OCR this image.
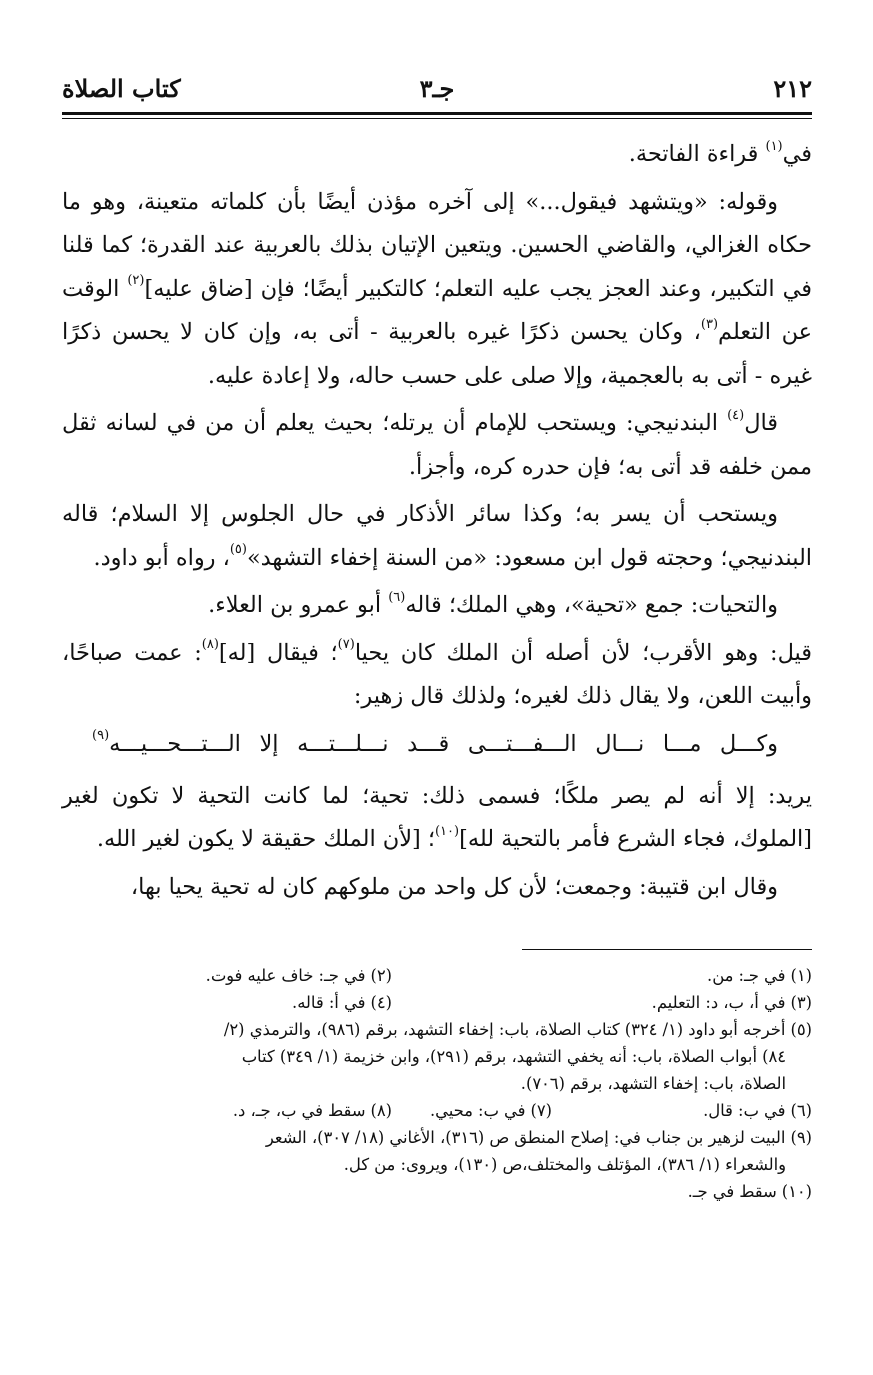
٢١٢
جـ٣
كتاب الصلاة

في$^{(١)}$ قراءة الفاتحة.

وقوله: «ويتشهد فيقول...» إلى آخره مؤذن أيضًا بأن كلماته متعينة، وهو ما حكاه الغزالي، والقاضي الحسين. ويتعين الإتيان بذلك بالعربية عند القدرة؛ كما قلنا في التكبير، وعند العجز يجب عليه التعلم؛ كالتكبير أيضًا؛ فإن [ضاق عليه]$^{(٢)}$ الوقت عن التعلم$^{(٣)}$، وكان يحسن ذكرًا غيره بالعربية - أتى به، وإن كان لا يحسن ذكرًا غيره - أتى به بالعجمية، وإلا صلى على حسب حاله، ولا إعادة عليه.

قال$^{(٤)}$ البندنيجي: ويستحب للإمام أن يرتله؛ بحيث يعلم أن من في لسانه ثقل ممن خلفه قد أتى به؛ فإن حدره كره، وأجزأ.

ويستحب أن يسر به؛ وكذا سائر الأذكار في حال الجلوس إلا السلام؛ قاله البندنيجي؛ وحجته قول ابن مسعود: «من السنة إخفاء التشهد»$^{(٥)}$، رواه أبو داود.

والتحيات: جمع «تحية»، وهي الملك؛ قاله$^{(٦)}$ أبو عمرو بن العلاء.

قيل: وهو الأقرب؛ لأن أصله أن الملك كان يحيا$^{(٧)}$؛ فيقال [له]$^{(٨)}$: عمت صباحًا، وأبيت اللعن، ولا يقال ذلك لغيره؛ ولذلك قال زهير:

وكـــل
مـــا
نـــال
الـــفـــتـــى
قـــد
نـــلـــتـــه
إلا
الـــتـــحـــيـــه$^{(٩)}$

يريد: إلا أنه لم يصر ملكًا؛ فسمى ذلك: تحية؛ لما كانت التحية لا تكون لغير [الملوك، فجاء الشرع فأمر بالتحية لله]$^{(١٠)}$؛ [لأن الملك حقيقة لا يكون لغير الله.

وقال ابن قتيبة: وجمعت؛ لأن كل واحد من ملوكهم كان له تحية يحيا بها،

(١) في جـ: من.
(٢) في جـ: خاف عليه فوت.
(٣) في أ، ب، د: التعليم.
(٤) في أ: قاله.
(٥) أخرجه أبو داود (١/ ٣٢٤) كتاب الصلاة، باب: إخفاء التشهد، برقم (٩٨٦)، والترمذي (٢/
٨٤) أبواب الصلاة، باب: أنه يخفي التشهد، برقم (٢٩١)، وابن خزيمة (١/ ٣٤٩) كتاب
الصلاة، باب: إخفاء التشهد، برقم (٧٠٦).
(٦) في ب: قال.
(٧) في ب: محيي.
(٨) سقط في ب، جـ، د.
(٩) البيت لزهير بن جناب في: إصلاح المنطق ص (٣١٦)، الأغاني (١٨/ ٣٠٧)، الشعر
والشعراء (١/ ٣٨٦)، المؤتلف والمختلف،ص (١٣٠)، ويروى: من كل.
(١٠) سقط في جـ.
